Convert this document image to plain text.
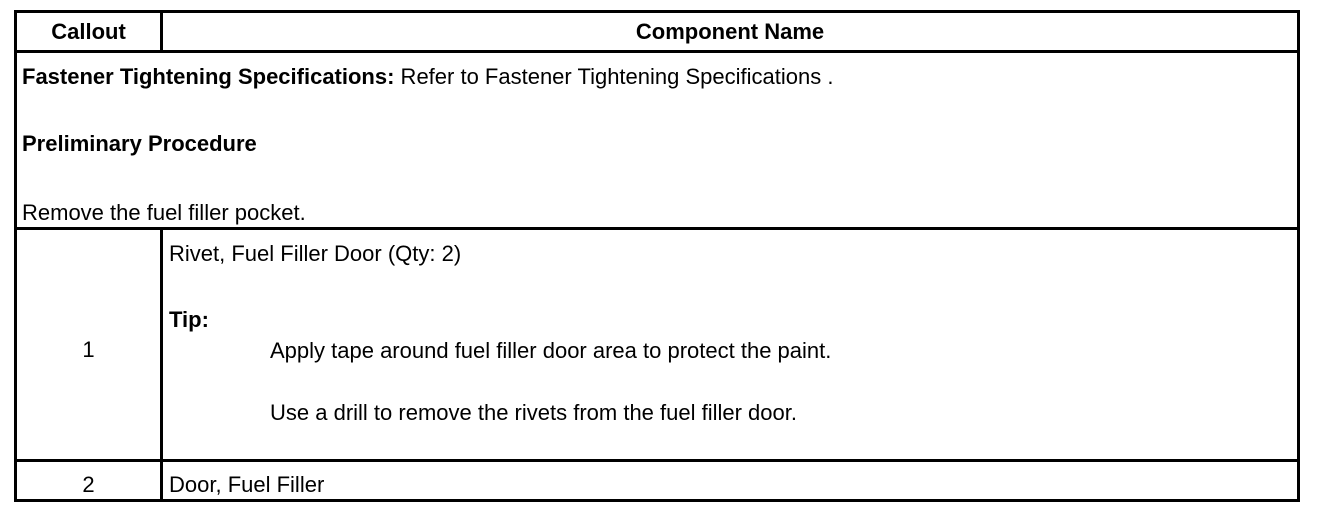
Callout	Component Name
Fastener Tightening Specifications: Refer to Fastener Tightening Specifications .
Preliminary Procedure
Remove the fuel filler pocket.
1
Rivet, Fuel Filler Door (Qty: 2)
Tip:
Apply tape around fuel filler door area to protect the paint.
Use a drill to remove the rivets from the fuel filler door.
2	Door, Fuel Filler
